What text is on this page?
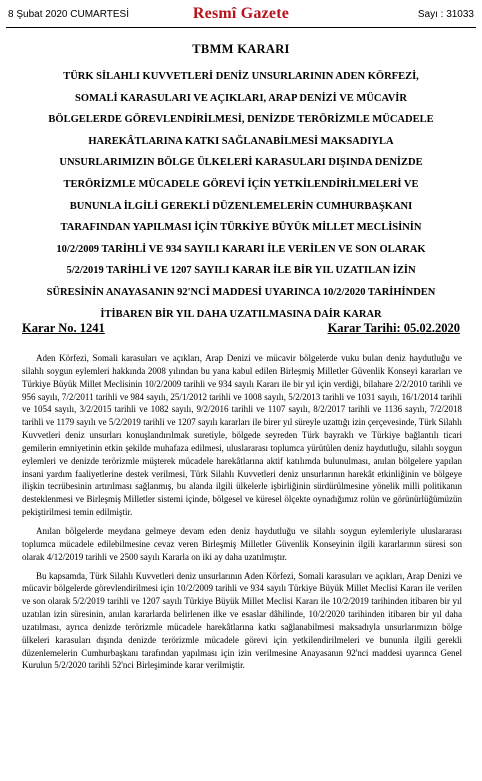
8 Şubat 2020 CUMARTESİ	Resmî Gazete	Sayı : 31033
TBMM KARARI
TÜRK SİLAHLI KUVVETLERİ DENİZ UNSURLARININ ADEN KÖRFEZİ,
SOMALİ KARASULARI VE AÇIKLARI, ARAP DENİZİ VE MÜCAVİR
BÖLGELERDE GÖREVLENDİRİLMESİ, DENİZDE TERÖRİZMLE MÜCADELE
HAREKÂTLARINA KATKI SAĞLANABİLMESİ MAKSADIYLA
UNSURLARIMIZIN BÖLGE ÜLKELERİ KARASULARI DIŞINDA DENİZDE
TERÖRİZMLE MÜCADELE GÖREVİ İÇİN YETKİLENDİRİLMELERİ VE
BUNUNLA İLGİLİ GEREKLİ DÜZENLEMELERİN CUMHURBAŞKANI
TARAFINDAN YAPILMASI İÇİN TÜRKİYE BÜYÜK MİLLET MECLİSİNİN
10/2/2009 TARİHLİ VE 934 SAYILI KARARI İLE VERİLEN VE SON OLARAK
5/2/2019 TARİHLİ VE 1207 SAYILI KARAR İLE BİR YIL UZATILAN İZİN
SÜRESİNİN ANAYASANIN 92'NCİ MADDESİ UYARINCA 10/2/2020 TARİHİNDEN
İTİBAREN BİR YIL DAHA UZATILMASINA DAİR KARAR
Karar No. 1241	Karar Tarihi: 05.02.2020

Aden Körfezi, Somali karasuları ve açıkları, Arap Denizi ve mücavir bölgelerde vuku bulan deniz haydutluğu ve silahlı soygun eylemleri hakkında 2008 yılından bu yana kabul edilen Birleşmiş Milletler Güvenlik Konseyi kararları ve Türkiye Büyük Millet Meclisinin 10/2/2009 tarihli ve 934 sayılı Kararı ile bir yıl için verdiği, bilahare 2/2/2010 tarihli ve 956 sayılı, 7/2/2011 tarihli ve 984 sayılı, 25/1/2012 tarihli ve 1008 sayılı, 5/2/2013 tarihli ve 1031 sayılı, 16/1/2014 tarihli ve 1054 sayılı, 3/2/2015 tarihli ve 1082 sayılı, 9/2/2016 tarihli ve 1107 sayılı, 8/2/2017 tarihli ve 1136 sayılı, 7/2/2018 tarihli ve 1179 sayılı ve 5/2/2019 tarihli ve 1207 sayılı kararları ile birer yıl süreyle uzattığı izin çerçevesinde, Türk Silahlı Kuvvetleri deniz unsurları konuşlandırılmak suretiyle, bölgede seyreden Türk bayraklı ve Türkiye bağlantılı ticari gemilerin emniyetinin etkin şekilde muhafaza edilmesi, uluslararası toplumca yürütülen deniz haydutluğu, silahlı soygun eylemleri ve denizde terörizmle müşterek mücadele harekâtlarına aktif katılımda bulunulması, anılan bölgelere yapılan insani yardım faaliyetlerine destek verilmesi, Türk Silahlı Kuvvetleri deniz unsurlarının harekât etkinliğinin ve bölgeye ilişkin tecrübesinin artırılması sağlanmış, bu alanda ilgili ülkelerle işbirliğinin sürdürülmesine yönelik milli politikanın desteklenmesi ve Birleşmiş Milletler sistemi içinde, bölgesel ve küresel ölçekte oynadığımız rolün ve görünürlüğümüzün pekiştirilmesi temin edilmiştir.

Anılan bölgelerde meydana gelmeye devam eden deniz haydutluğu ve silahlı soygun eylemleriyle uluslararası toplumca mücadele edilebilmesine cevaz veren Birleşmiş Milletler Güvenlik Konseyinin ilgili kararlarının süresi son olarak 4/12/2019 tarihli ve 2500 sayılı Kararla on iki ay daha uzatılmıştır.

Bu kapsamda, Türk Silahlı Kuvvetleri deniz unsurlarının Aden Körfezi, Somali karasuları ve açıkları, Arap Denizi ve mücavir bölgelerde görevlendirilmesi için 10/2/2009 tarihli ve 934 sayılı Türkiye Büyük Millet Meclisi Kararı ile verilen ve son olarak 5/2/2019 tarihli ve 1207 sayılı Türkiye Büyük Millet Meclisi Kararı ile 10/2/2019 tarihinden itibaren bir yıl uzatılan izin süresinin, anılan kararlarda belirlenen ilke ve esaslar dâhilinde, 10/2/2020 tarihinden itibaren bir yıl daha uzatılması, ayrıca denizde terörizmle mücadele harekâtlarına katkı sağlanabilmesi maksadıyla unsurlarımızın bölge ülkeleri karasuları dışında denizde terörizmle mücadele görevi için yetkilendirilmeleri ve bununla ilgili gerekli düzenlemelerin Cumhurbaşkanı tarafından yapılması için izin verilmesine Anayasanın 92'nci maddesi uyarınca Genel Kurulun 5/2/2020 tarihli 52'nci Birleşiminde karar verilmiştir.
